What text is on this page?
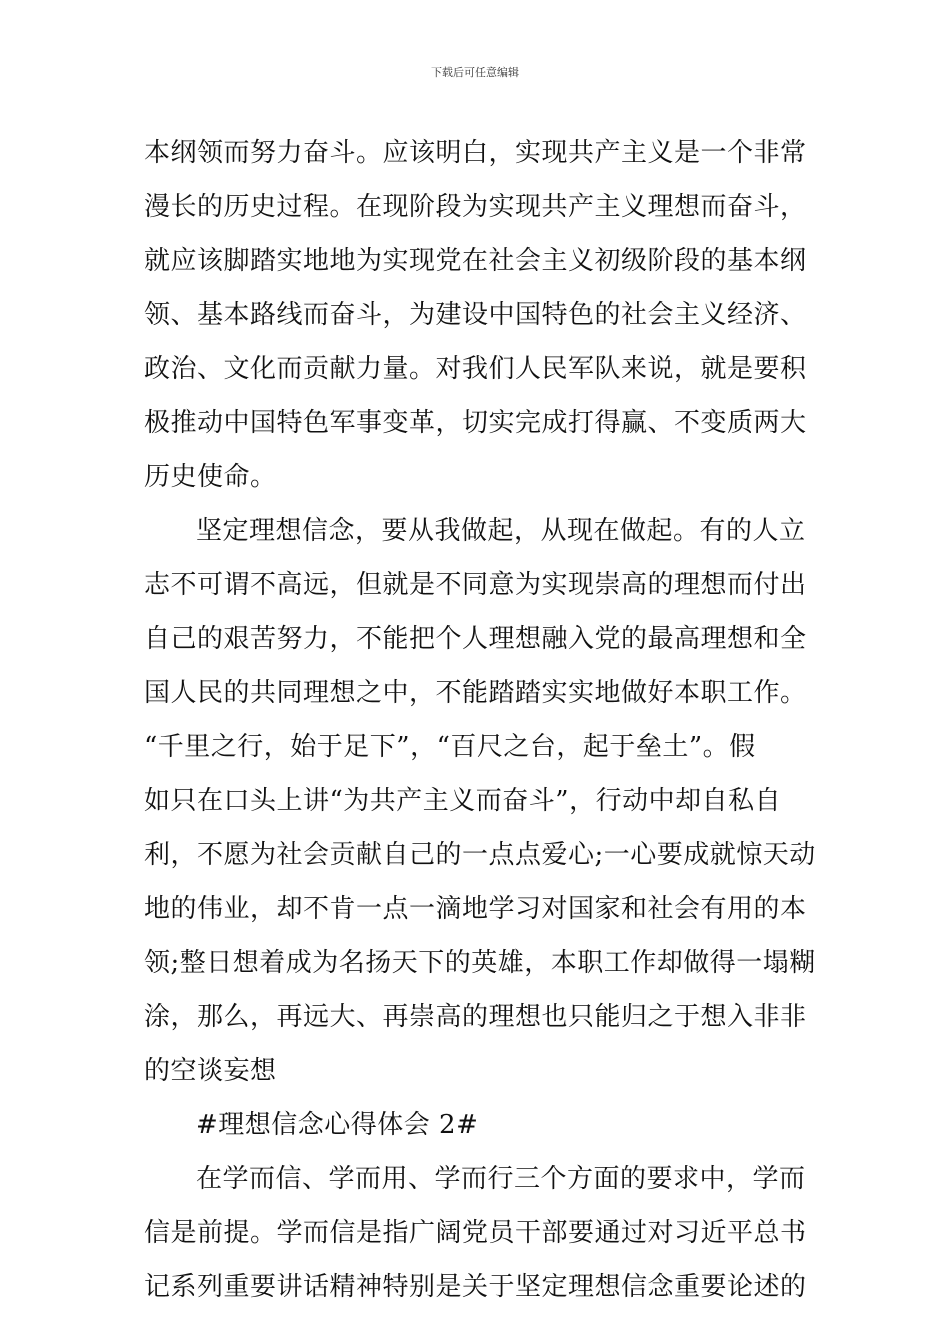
下载后可任意编辑
本纲领而努力奋斗。应该明白，实现共产主义是一个非常
漫长的历史过程。在现阶段为实现共产主义理想而奋斗，
就应该脚踏实地地为实现党在社会主义初级阶段的基本纲
领、基本路线而奋斗，为建设中国特色的社会主义经济、
政治、文化而贡献力量。对我们人民军队来说，就是要积
极推动中国特色军事变革，切实完成打得赢、不变质两大
历史使命。
坚定理想信念，要从我做起，从现在做起。有的人立
志不可谓不高远，但就是不同意为实现崇高的理想而付出
自己的艰苦努力，不能把个人理想融入党的最高理想和全
国人民的共同理想之中，不能踏踏实实地做好本职工作。
“千里之行，始于足下”，“百尺之台，起于垒土”。假
如只在口头上讲“为共产主义而奋斗”，行动中却自私自
利，不愿为社会贡献自己的一点点爱心;一心要成就惊天动
地的伟业，却不肯一点一滴地学习对国家和社会有用的本
领;整日想着成为名扬天下的英雄，本职工作却做得一塌糊
涂，那么，再远大、再崇高的理想也只能归之于想入非非
的空谈妄想
#理想信念心得体会 2#
在学而信、学而用、学而行三个方面的要求中，学而
信是前提。学而信是指广阔党员干部要通过对习近平总书
记系列重要讲话精神特别是关于坚定理想信念重要论述的
